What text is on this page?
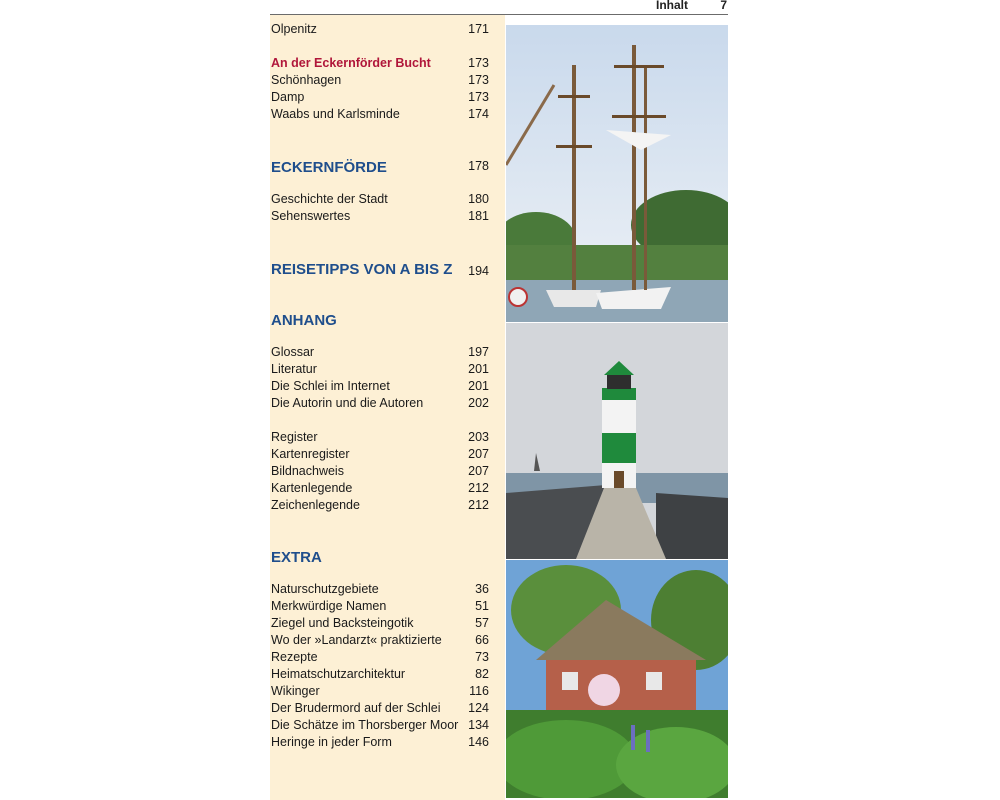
Inhalt	7
Olpenitz	171
An der Eckernförder Bucht	173
Schönhagen	173
Damp	173
Waabs und Karlsminde	174
ECKERNFÖRDE	178
Geschichte der Stadt	180
Sehenswertes	181
REISETIPPS VON A BIS Z 194
ANHANG
Glossar	197
Literatur	201
Die Schlei im Internet	201
Die Autorin und die Autoren	202
Register	203
Kartenregister	207
Bildnachweis	207
Kartenlegende	212
Zeichenlegende	212
EXTRA
Naturschutzgebiete	36
Merkwürdige Namen	51
Ziegel und Backsteingotik	57
Wo der »Landarzt« praktizierte	66
Rezepte	73
Heimatschutzarchitektur	82
Wikinger	116
Der Brudermord auf der Schlei 124
Die Schätze im Thorsberger Moor 134
Heringe in jeder Form	146
